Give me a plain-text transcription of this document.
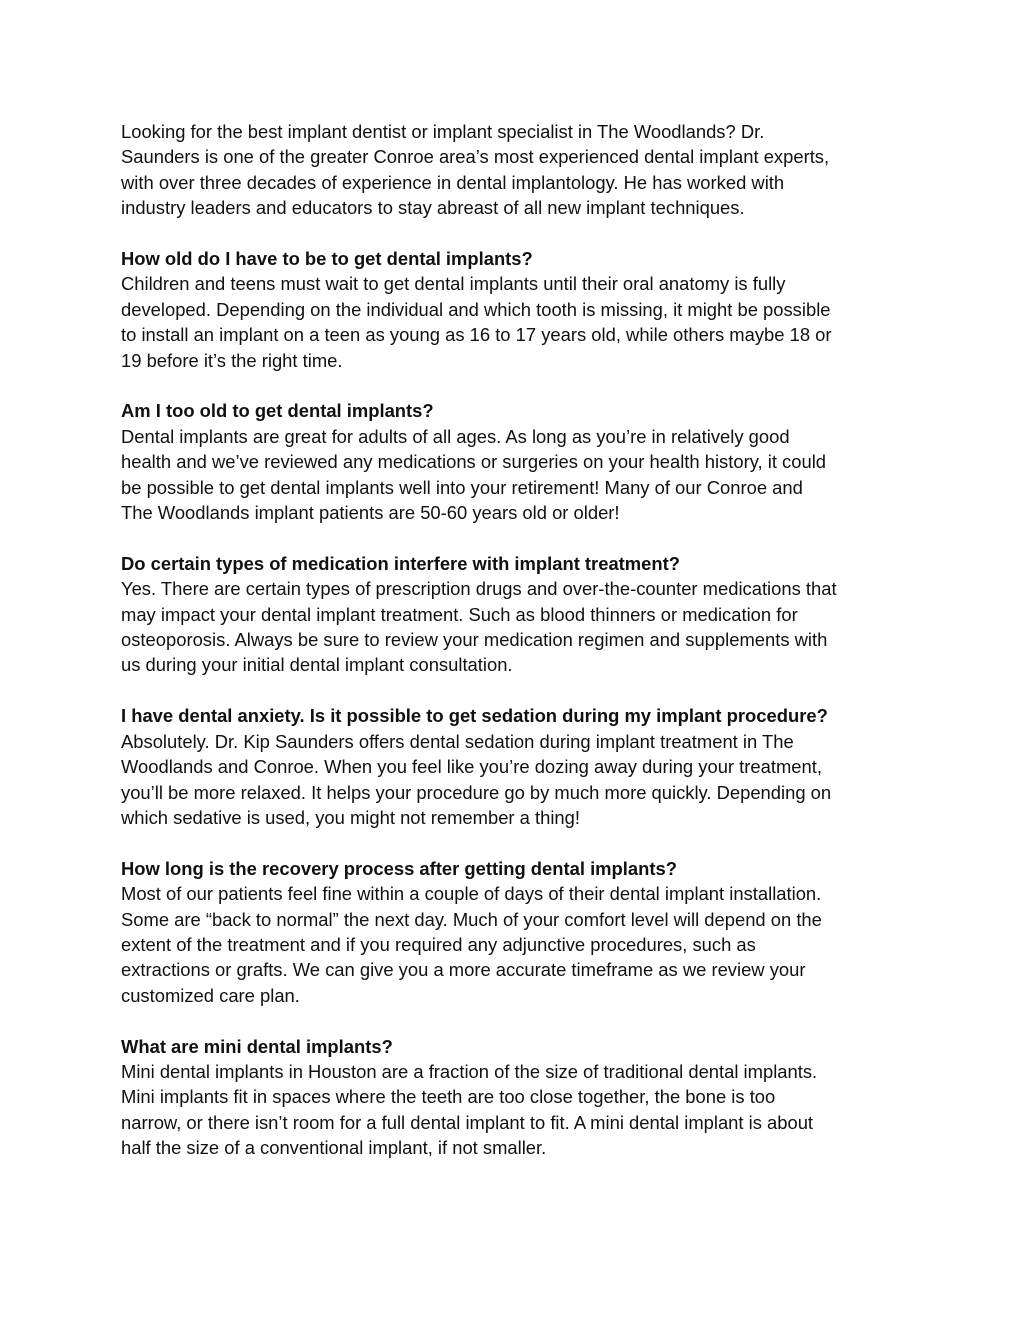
Looking for the best implant dentist or implant specialist in The Woodlands? Dr.
Saunders is one of the greater Conroe area’s most experienced dental implant experts,
with over three decades of experience in dental implantology. He has worked with
industry leaders and educators to stay abreast of all new implant techniques.

How old do I have to be to get dental implants?

Children and teens must wait to get dental implants until their oral anatomy is fully
developed. Depending on the individual and which tooth is missing, it might be possible
to install an implant on a teen as young as 16 to 17 years old, while others maybe 18 or
19 before it’s the right time.

Am I too old to get dental implants?

Dental implants are great for adults of all ages. As long as you’re in relatively good
health and we’ve reviewed any medications or surgeries on your health history, it could
be possible to get dental implants well into your retirement! Many of our Conroe and
The Woodlands implant patients are 50-60 years old or older!

Do certain types of medication interfere with implant treatment?

Yes. There are certain types of prescription drugs and over-the-counter medications that
may impact your dental implant treatment. Such as blood thinners or medication for
osteoporosis. Always be sure to review your medication regimen and supplements with
us during your initial dental implant consultation.

I have dental anxiety. Is it possible to get sedation during my implant procedure?

Absolutely. Dr. Kip Saunders offers dental sedation during implant treatment in The
Woodlands and Conroe. When you feel like you’re dozing away during your treatment,
you’ll be more relaxed. It helps your procedure go by much more quickly. Depending on
which sedative is used, you might not remember a thing!

How long is the recovery process after getting dental implants?

Most of our patients feel fine within a couple of days of their dental implant installation.
Some are “back to normal” the next day. Much of your comfort level will depend on the
extent of the treatment and if you required any adjunctive procedures, such as
extractions or grafts. We can give you a more accurate timeframe as we review your
customized care plan.

What are mini dental implants?

Mini dental implants in Houston are a fraction of the size of traditional dental implants.
Mini implants fit in spaces where the teeth are too close together, the bone is too
narrow, or there isn’t room for a full dental implant to fit. A mini dental implant is about
half the size of a conventional implant, if not smaller.
